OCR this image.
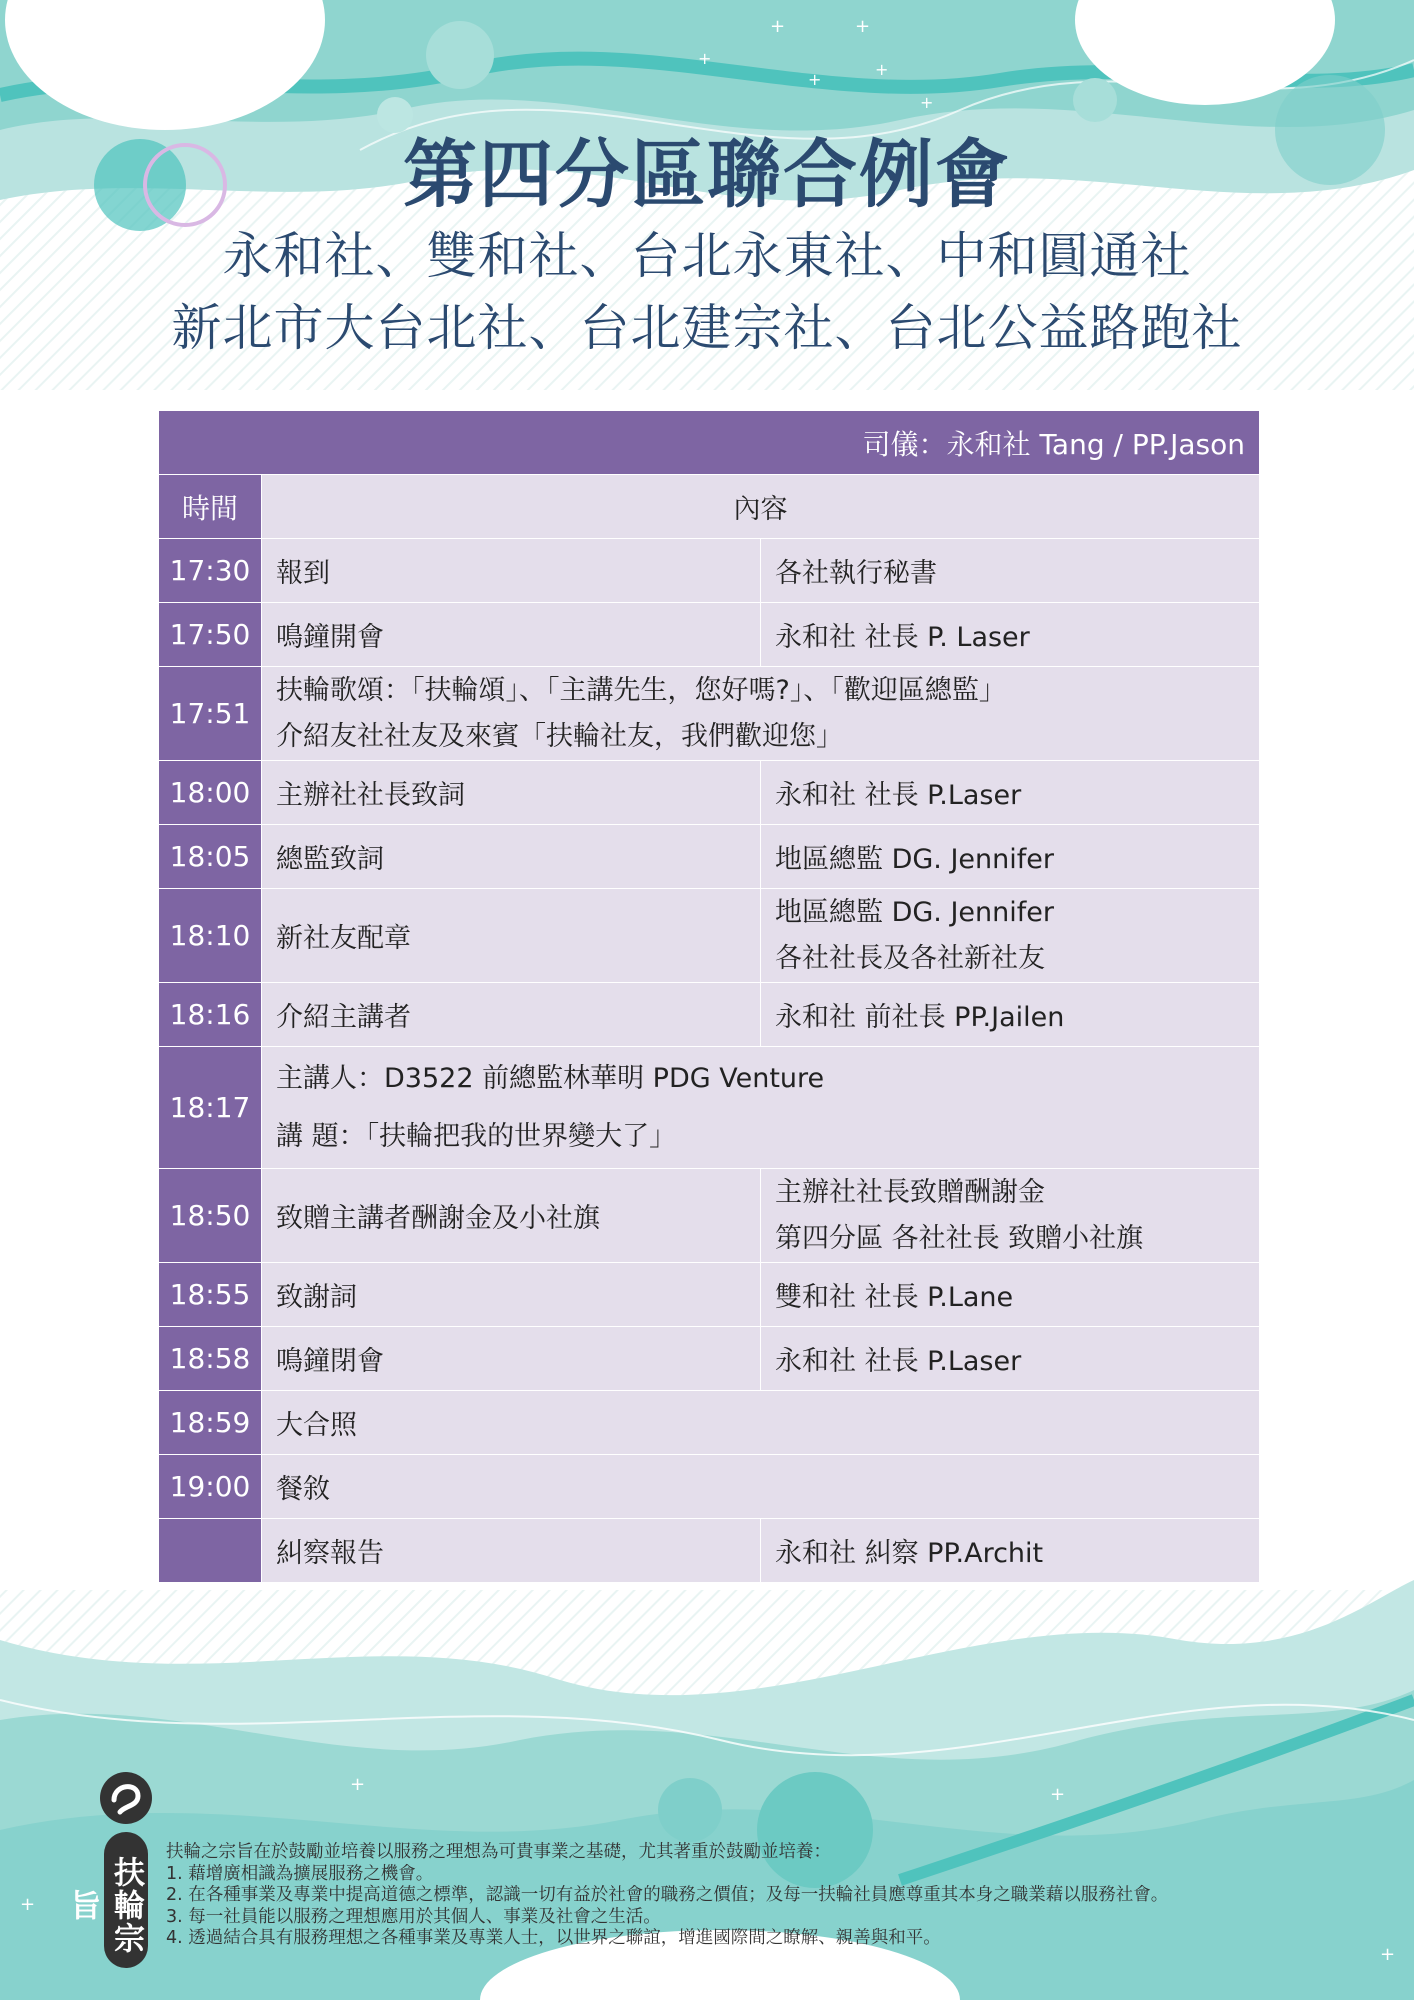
+	+
+
+
+
+
+	+
+
+
第四分區聯合例會
永和社、雙和社、台北永東社、中和圓通社
新北市大台北社、台北建宗社、台北公益路跑社
司儀：永和社 Tang / PP.Jason		
時間	內容	
17:30	報到	各社執行秘書
17:50	鳴鐘開會	永和社 社長 P. Laser
17:51	扶輪歌頌：「扶輪頌」、「主講先生，您好嗎?」、「歡迎區總監」
介紹友社社友及來賓「扶輪社友，我們歡迎您」	

18:00	主辦社社長致詞	永和社 社長 P.Laser
18:05	總監致詞	地區總監 DG. Jennifer
18:10	新社友配章	地區總監 DG. Jennifer
各社社長及各社新社友

18:16	介紹主講者	永和社 前社長 PP.Jailen
18:17	主講人：D3522 前總監林華明 PDG Venture
講 題：「扶輪把我的世界變大了」	

18:50	致贈主講者酬謝金及小社旗	主辦社社長致贈酬謝金
第四分區 各社社長 致贈小社旗

18:55	致謝詞	雙和社 社長 P.Lane
18:58	鳴鐘閉會	永和社 社長 P.Laser
18:59	大合照	
19:00	餐敘	
	糾察報告	永和社 糾察 PP.Archit
扶輪宗旨
扶輪之宗旨在於鼓勵並培養以服務之理想為可貴事業之基礎，尤其著重於鼓勵並培養：
1. 藉增廣相識為擴展服務之機會。
2. 在各種事業及專業中提高道德之標準，認識一切有益於社會的職務之價值；及每一扶輪社員應尊重其本身之職業藉以服務社會。
3. 每一社員能以服務之理想應用於其個人、事業及社會之生活。
4. 透過結合具有服務理想之各種事業及專業人士，以世界之聯誼，增進國際間之瞭解、親善與和平。
